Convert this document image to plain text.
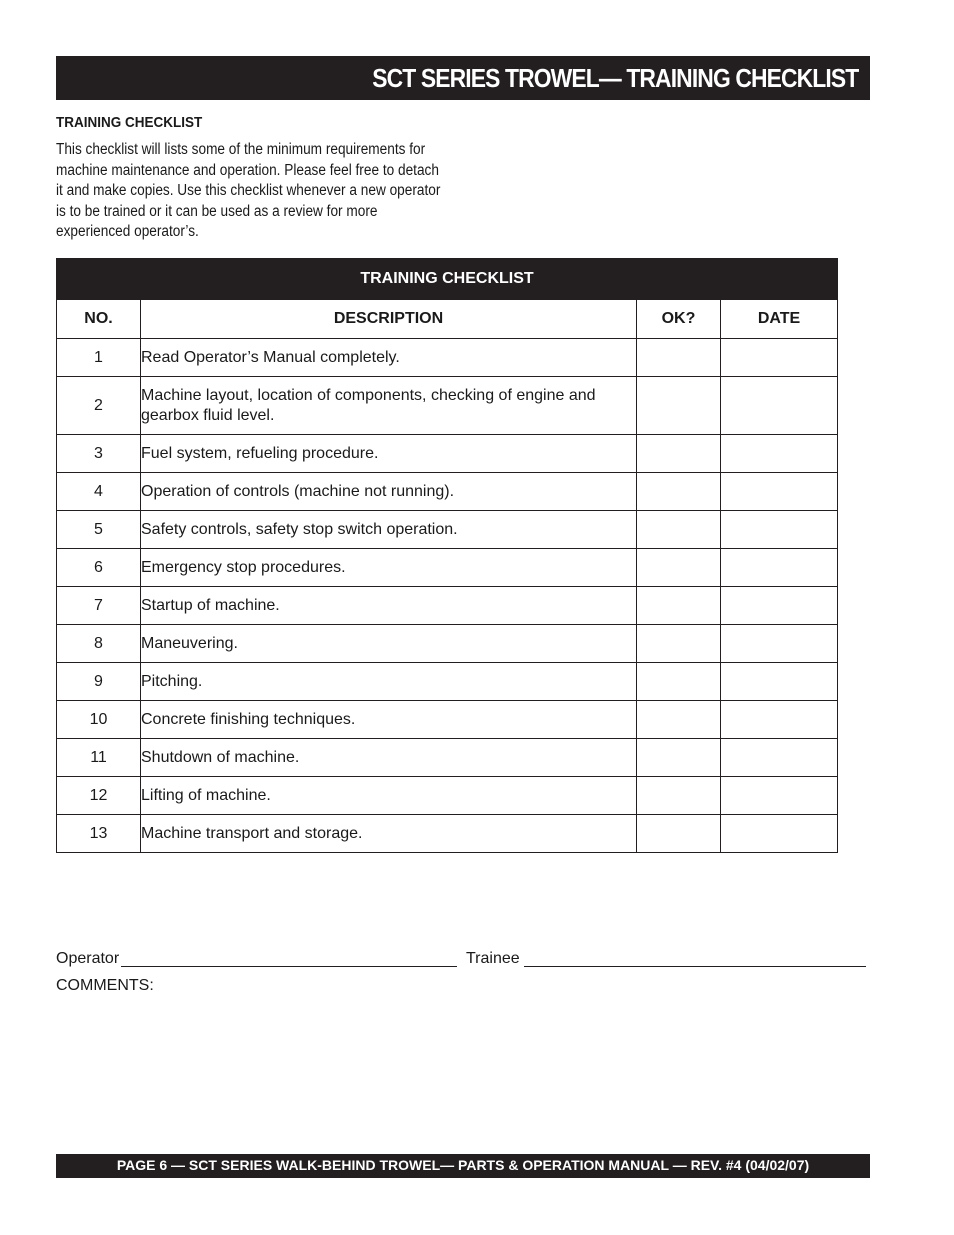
SCT SERIES TROWEL— TRAINING CHECKLIST
TRAINING CHECKLIST

This checklist will lists some of the minimum requirements for machine maintenance and operation. Please feel free to detach it and make copies. Use this checklist whenever a new operator is to be trained or it can be used as a review for more experienced operator’s.

TRAINING CHECKLIST			
NO.	DESCRIPTION	OK?	DATE
1	Read Operator’s Manual completely.		
2	Machine layout, location of components, checking of engine and gearbox fluid level.		
3	Fuel system, refueling procedure.		
4	Operation of controls (machine not running).		
5	Safety controls, safety stop switch operation.		
6	Emergency stop procedures.		
7	Startup of machine.		
8	Maneuvering.		
9	Pitching.		
10	Concrete finishing techniques.		
11	Shutdown of machine.		
12	Lifting of machine.		
13	Machine transport and storage.		
Operator	Trainee
COMMENTS:
PAGE 6 — SCT SERIES WALK-BEHIND TROWEL— PARTS & OPERATION MANUAL — REV. #4 (04/02/07)
